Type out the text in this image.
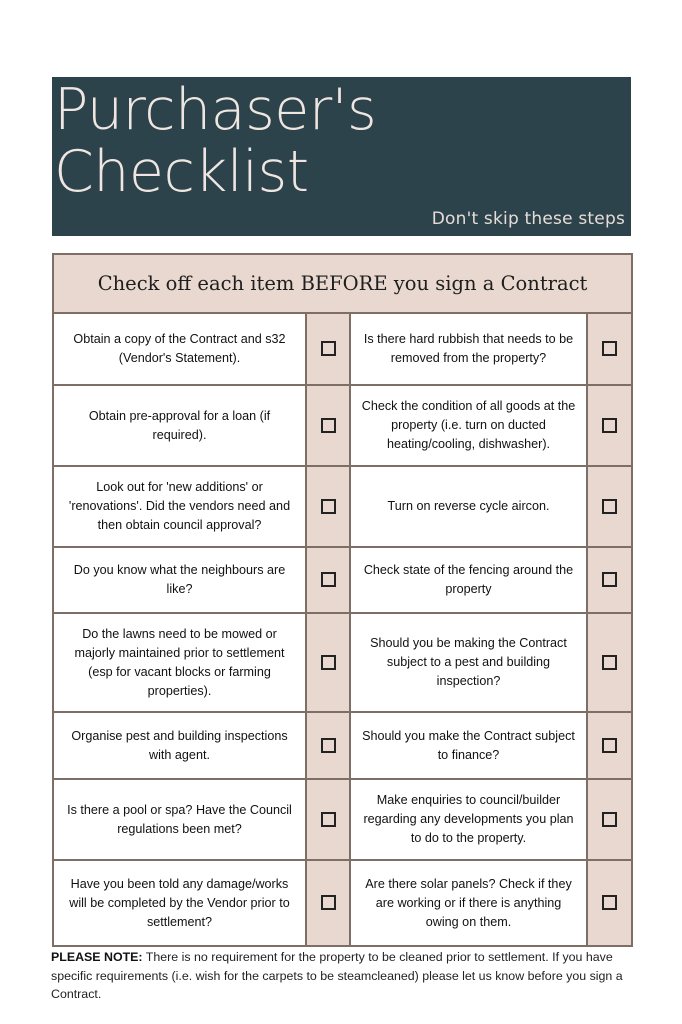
Purchaser's
Checklist
Don't skip these steps
Check off each item BEFORE you sign a Contract			
Obtain a copy of the Contract and s32 (Vendor's Statement).		Is there hard rubbish that needs to be removed from the property?	
Obtain pre-approval for a loan (if required).		Check the condition of all goods at the property (i.e. turn on ducted heating/cooling, dishwasher).	
Look out for 'new additions' or 'renovations'. Did the vendors need and then obtain council approval?		Turn on reverse cycle aircon.	
Do you know what the neighbours are like?		Check state of the fencing around the property	
Do the lawns need to be mowed or majorly maintained prior to settlement (esp for vacant blocks or farming properties).		Should you be making the Contract subject to a pest and building inspection?	
Organise pest and building inspections with agent.		Should you make the Contract subject to finance?	
Is there a pool or spa? Have the Council regulations been met?		Make enquiries to council/builder regarding any developments you plan to do to the property.	
Have you been told any damage/works will be completed by the Vendor prior to settlement?		Are there solar panels? Check if they are working or if there is anything owing on them.	
PLEASE NOTE: There is no requirement for the property to be cleaned prior to settlement. If you have specific requirements (i.e. wish for the carpets to be steamcleaned) please let us know before you sign a Contract.
